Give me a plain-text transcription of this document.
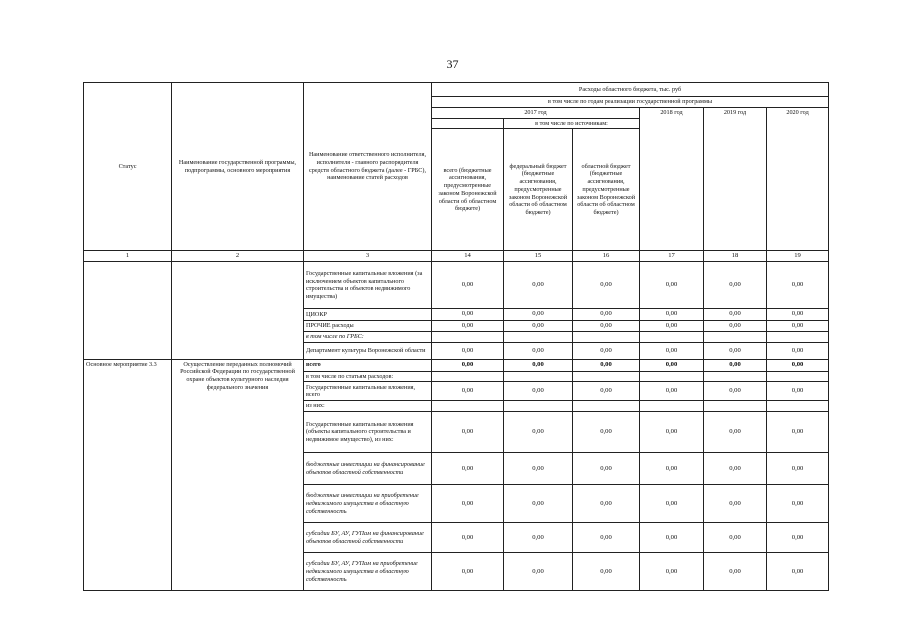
37
Статус	Наименование государственной программы, подпрограммы, основного мероприятия	Наименование ответственного исполнителя, исполнителя - главного распорядителя средств областного бюджета (далее - ГРБС), наименование статей расходов	Расходы областного бюджета, тыс. руб					
			в том числе по годам реализации государственной программы					
			2017 год			2018 год	2019 год	2020 год
				в том числе по источникам:				
			всего (бюджетные ассигнования, предусмотренные законом Воронежской области об областном бюджете)	федеральный бюджет (бюджетные ассигнования, предусмотренные законом Воронежской области об областном бюджете)	областной бюджет (бюджетные ассигнования, предусмотренные законом Воронежской области об областном бюджете)			
1	2	3	14	15	16	17	18	19
		Государственные капитальные вложения (за исключением объектов капитального строительства и объектов недвижимого имущества)	0,00	0,00	0,00	0,00	0,00	0,00
		ЦИОКР	0,00	0,00	0,00	0,00	0,00	0,00
		ПРОЧИЕ расходы	0,00	0,00	0,00	0,00	0,00	0,00
		в том числе по ГРБС:						
		Департамент культуры Воронежской области	0,00	0,00	0,00	0,00	0,00	0,00
Основное мероприятие 3.3	Осуществление переданных полномочий Российской Федерации по государственной охране объектов культурного наследия федерального значения	всего	0,00	0,00	0,00	0,00	0,00	0,00
		в том числе по статьям расходов:						
		Государственные капитальные вложения, всего	0,00	0,00	0,00	0,00	0,00	0,00
		из них:						
		Государственные капитальные вложения (объекты капитального строительства и недвижимое имущество), из них:	0,00	0,00	0,00	0,00	0,00	0,00
		бюджетные инвестиции на финансирование объектов областной собственности	0,00	0,00	0,00	0,00	0,00	0,00
		бюджетные инвестиции на приобретение недвижимого имущества в областную собственность	0,00	0,00	0,00	0,00	0,00	0,00
		субсидии БУ, АУ, ГУПам на финансирование объектов областной собственности	0,00	0,00	0,00	0,00	0,00	0,00
		субсидии БУ, АУ, ГУПам на приобретение недвижимого имущества в областную собственность	0,00	0,00	0,00	0,00	0,00	0,00
